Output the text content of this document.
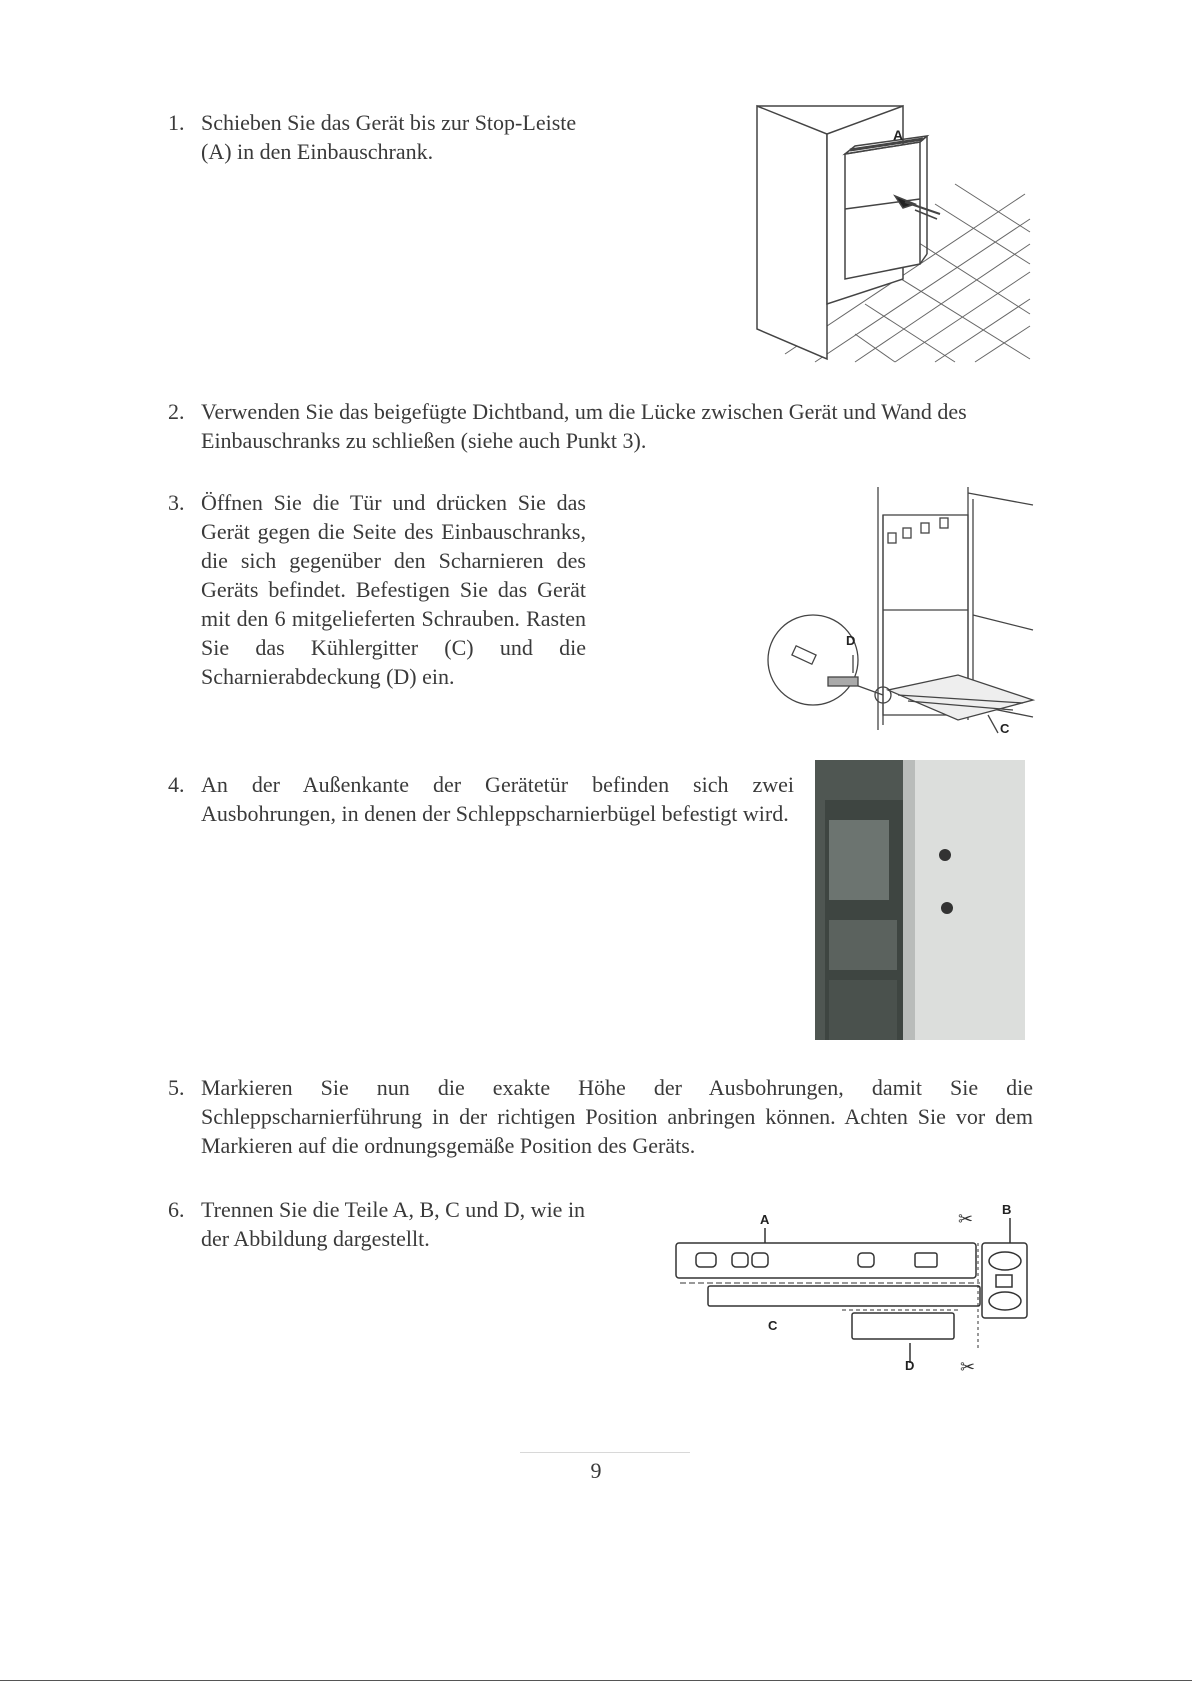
1. Schieben Sie das Gerät bis zur Stop-Leiste (A) in den Einbauschrank.
A
2. Verwenden Sie das beigefügte Dichtband, um die Lücke zwischen Gerät und Wand des Einbauschranks zu schließen (siehe auch Punkt 3).
3. Öffnen Sie die Tür und drücken Sie das Gerät gegen die Seite des Einbauschranks, die sich gegenüber den Scharnieren des Geräts befindet. Befestigen Sie das Gerät mit den 6 mitgelieferten Schrauben. Rasten Sie das Kühlergitter (C) und die Scharnierabdeckung (D) ein.
D
C
4. An der Außenkante der Gerätetür befinden sich zwei Ausbohrungen, in denen der Schleppscharnierbügel befestigt wird.
5. Markieren Sie nun die exakte Höhe der Ausbohrungen, damit Sie die Schleppscharnierführung in der richtigen Position anbringen können. Achten Sie vor dem Markieren auf die ordnungsgemäße Position des Geräts.
6. Trennen Sie die Teile A, B, C und D, wie in der Abbildung dargestellt.
✂
✂
A
B
C
D
9
